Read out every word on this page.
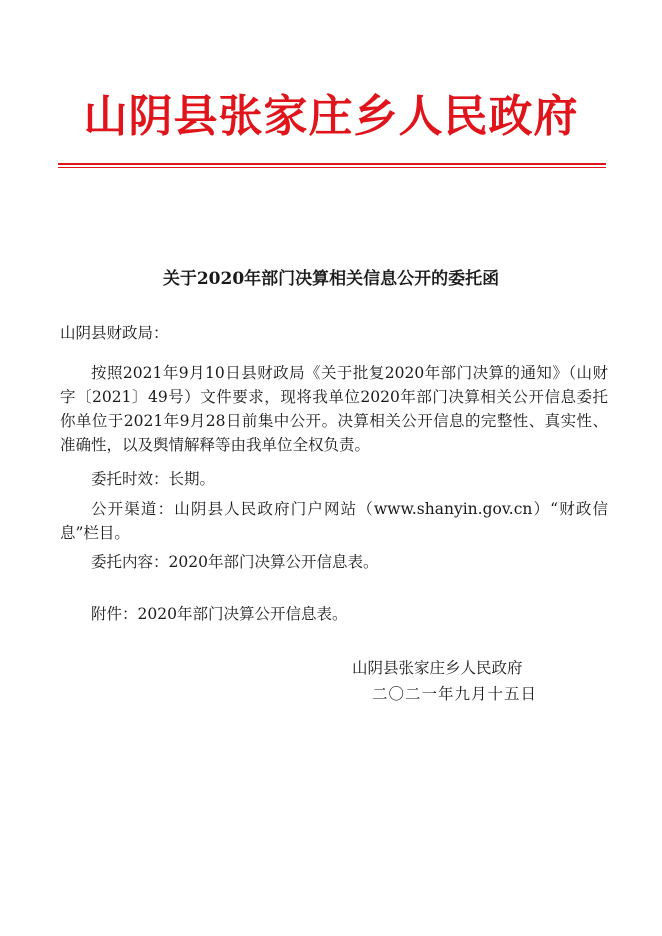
山阴县张家庄乡人民政府
关于2020年部门决算相关信息公开的委托函
山阴县财政局：
按照2021年9月10日县财政局《关于批复2020年部门决算的通知》（山财字〔2021〕49号）文件要求，现将我单位2020年部门决算相关公开信息委托你单位于2021年9月28日前集中公开。决算相关公开信息的完整性、真实性、准确性，以及舆情解释等由我单位全权负责。
委托时效：长期。
公开渠道：山阴县人民政府门户网站（www.shanyin.gov.cn）“财政信息”栏目。
委托内容：2020年部门决算公开信息表。
附件：2020年部门决算公开信息表。
山阴县张家庄乡人民政府
二〇二一年九月十五日
